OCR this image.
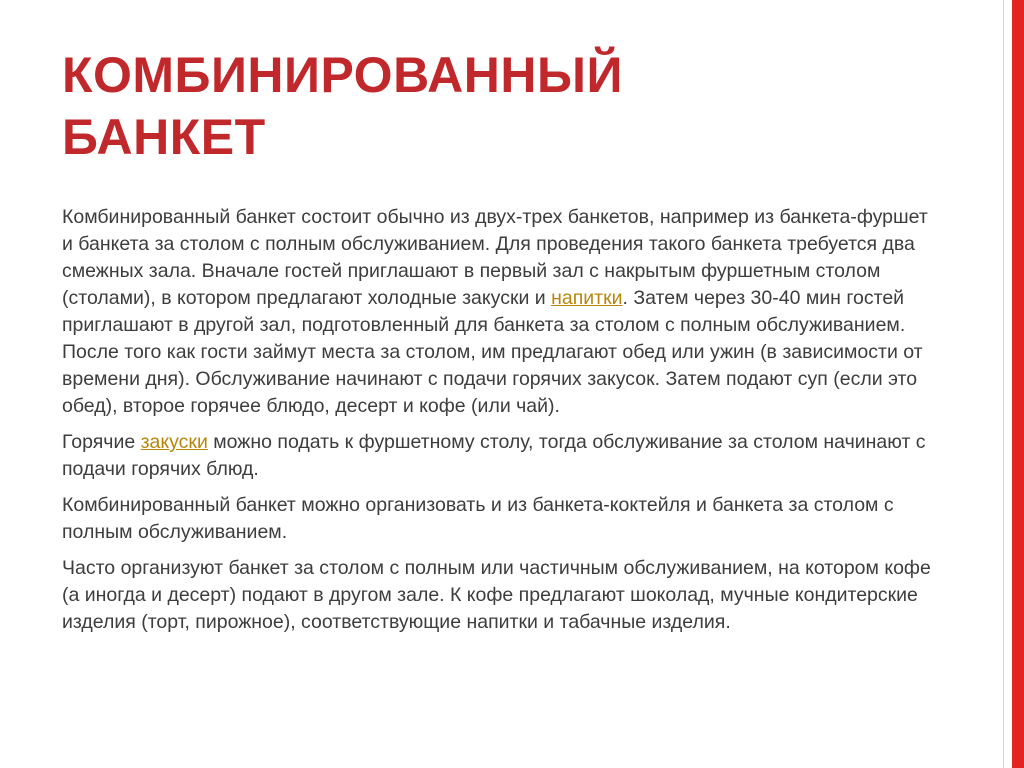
КОМБИНИРОВАННЫЙ
БАНКЕТ

Комбинированный банкет состоит обычно из двух-трех банкетов, например из банкета-фуршет и банкета за столом с полным обслуживанием. Для проведения такого банкета требуется два смежных зала. Вначале гостей приглашают в первый зал с накрытым фуршетным столом (столами), в котором предлагают холодные закуски и напитки. Затем через 30-40 мин гостей приглашают в другой зал, подготовленный для банкета за столом с полным обслуживанием. После того как гости займут места за столом, им предлагают обед или ужин (в зависимости от времени дня). Обслуживание начинают с подачи горячих закусок. Затем подают суп (если это обед), второе горячее блюдо, десерт и кофе (или чай).

Горячие закуски можно подать к фуршетному столу, тогда обслуживание за столом начинают с подачи горячих блюд.

Комбинированный банкет можно организовать и из банкета-коктейля и банкета за столом с полным обслуживанием.

Часто организуют банкет за столом с полным или частичным обслуживанием, на котором кофе (а иногда и десерт) подают в другом зале. К кофе предлагают шоколад, мучные кондитерские изделия (торт, пирожное), соответствующие напитки и табачные изделия.
